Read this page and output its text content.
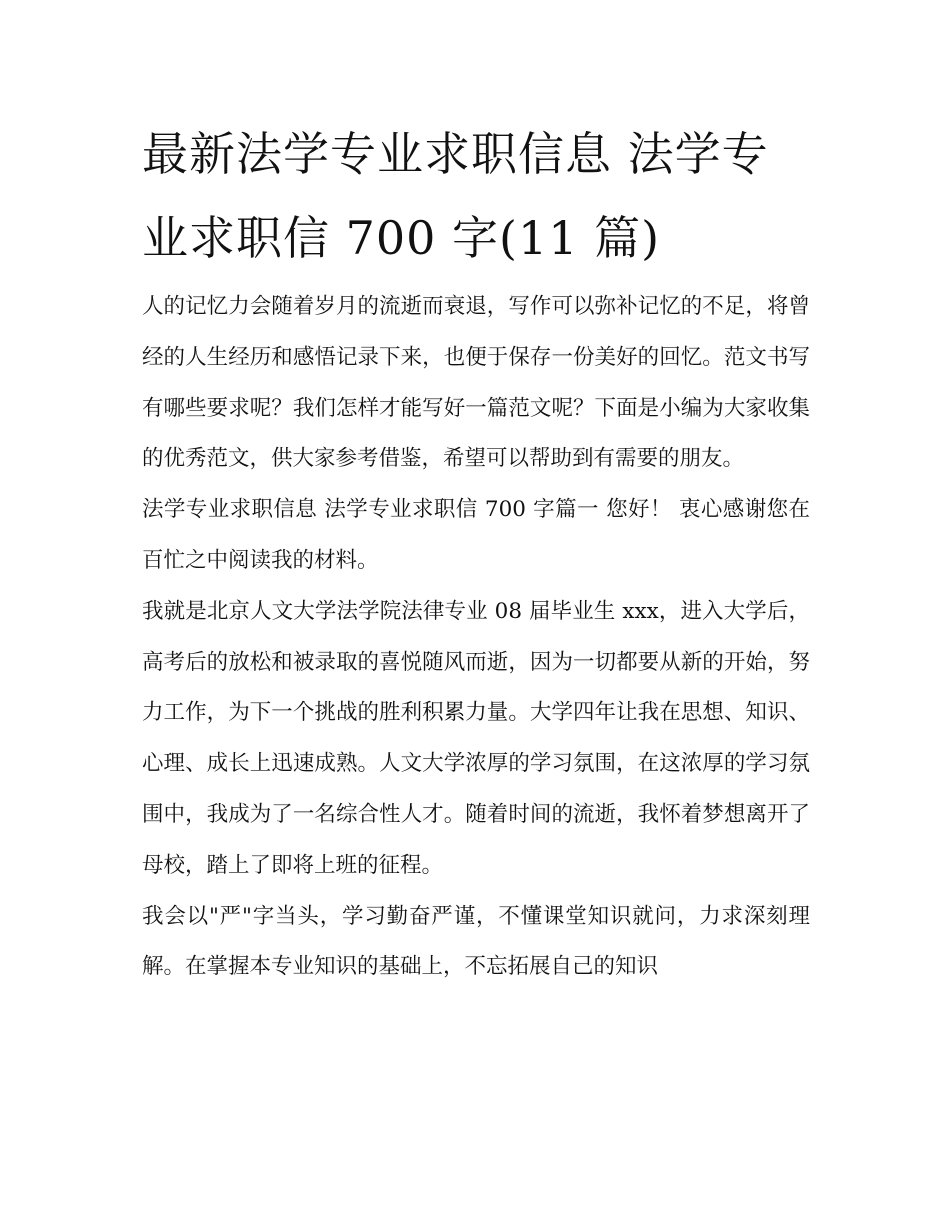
最新法学专业求职信息 法学专业求职信 700 字(11 篇)

人的记忆力会随着岁月的流逝而衰退，写作可以弥补记忆的不足，将曾经的人生经历和感悟记录下来，也便于保存一份美好的回忆。范文书写有哪些要求呢？我们怎样才能写好一篇范文呢？下面是小编为大家收集的优秀范文，供大家参考借鉴，希望可以帮助到有需要的朋友。

法学专业求职信息 法学专业求职信 700 字篇一 您好！ 衷心感谢您在百忙之中阅读我的材料。

我就是北京人文大学法学院法律专业 08 届毕业生 xxx，进入大学后，高考后的放松和被录取的喜悦随风而逝，因为一切都要从新的开始，努力工作，为下一个挑战的胜利积累力量。大学四年让我在思想、知识、心理、成长上迅速成熟。人文大学浓厚的学习氛围，在这浓厚的学习氛围中，我成为了一名综合性人才。随着时间的流逝，我怀着梦想离开了母校，踏上了即将上班的征程。

我会以"严"字当头，学习勤奋严谨，不懂课堂知识就问，力求深刻理解。在掌握本专业知识的基础上，不忘拓展自己的知识
